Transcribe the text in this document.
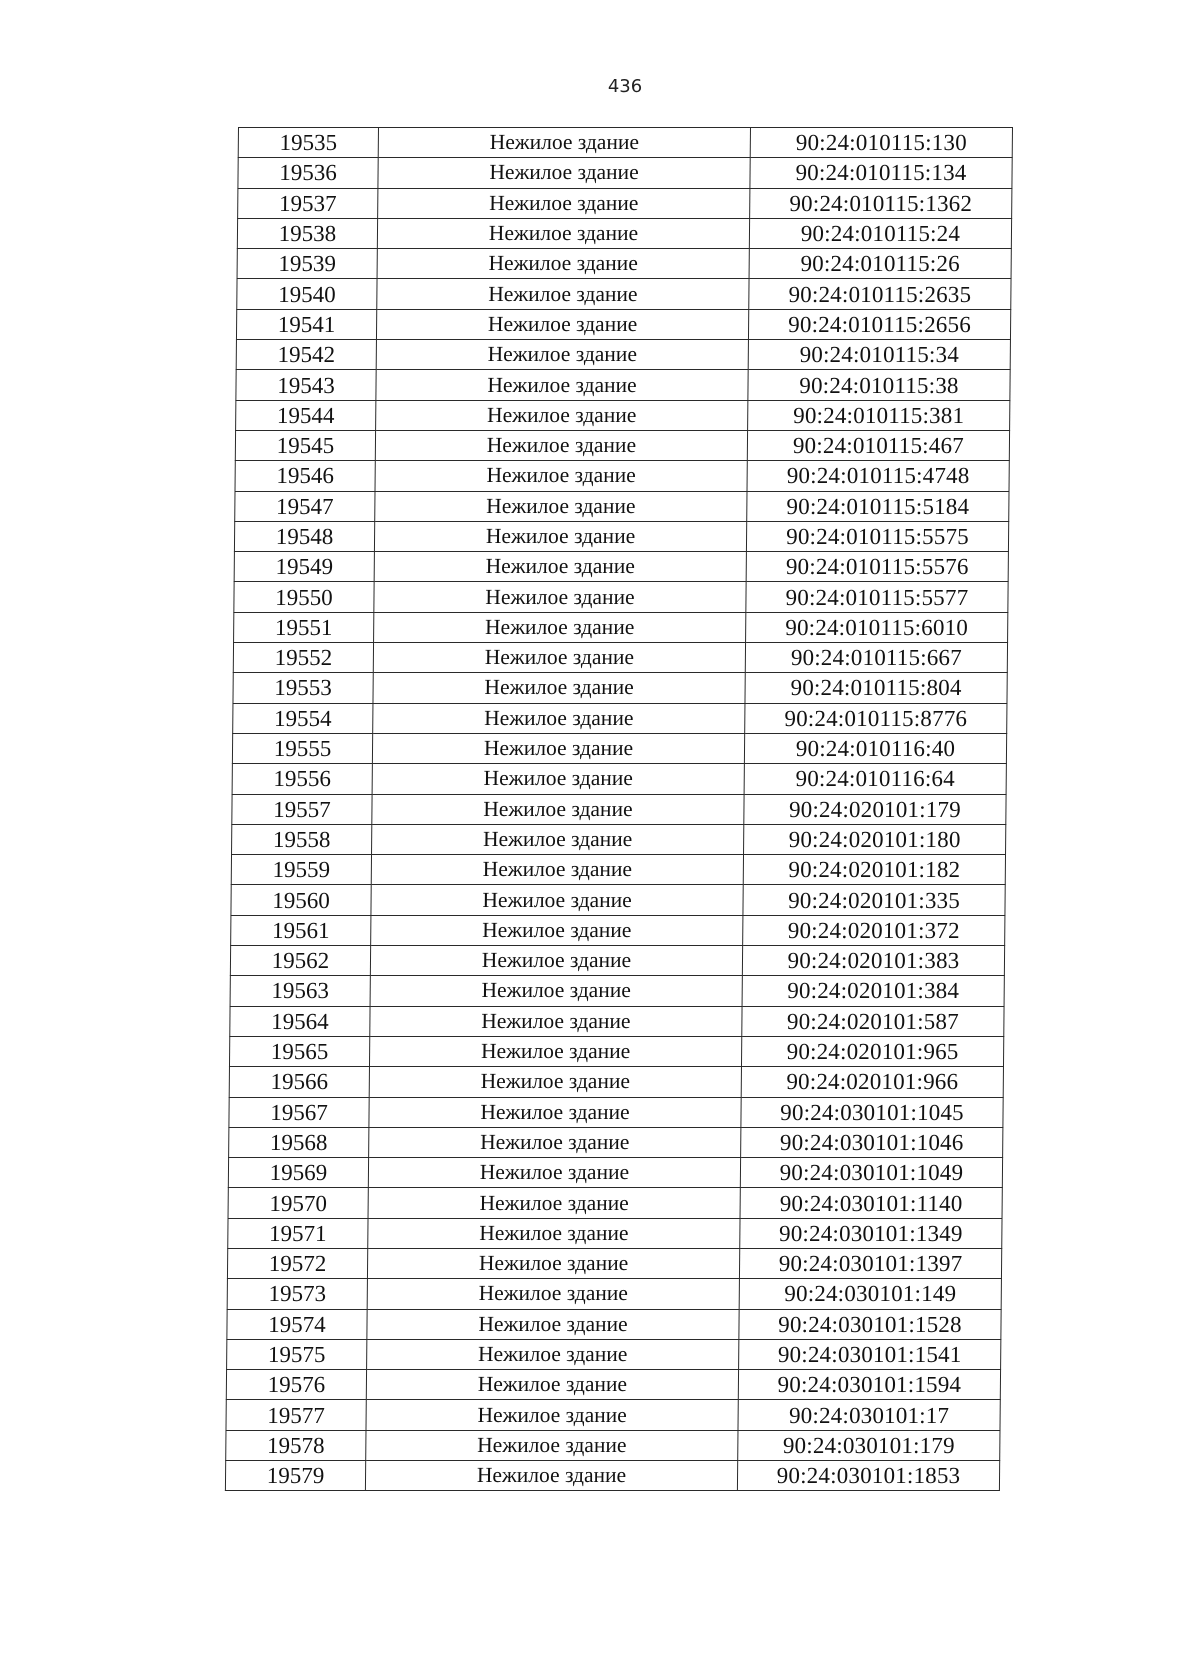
436
19535	Нежилое здание	90:24:010115:130
19536	Нежилое здание	90:24:010115:134
19537	Нежилое здание	90:24:010115:1362
19538	Нежилое здание	90:24:010115:24
19539	Нежилое здание	90:24:010115:26
19540	Нежилое здание	90:24:010115:2635
19541	Нежилое здание	90:24:010115:2656
19542	Нежилое здание	90:24:010115:34
19543	Нежилое здание	90:24:010115:38
19544	Нежилое здание	90:24:010115:381
19545	Нежилое здание	90:24:010115:467
19546	Нежилое здание	90:24:010115:4748
19547	Нежилое здание	90:24:010115:5184
19548	Нежилое здание	90:24:010115:5575
19549	Нежилое здание	90:24:010115:5576
19550	Нежилое здание	90:24:010115:5577
19551	Нежилое здание	90:24:010115:6010
19552	Нежилое здание	90:24:010115:667
19553	Нежилое здание	90:24:010115:804
19554	Нежилое здание	90:24:010115:8776
19555	Нежилое здание	90:24:010116:40
19556	Нежилое здание	90:24:010116:64
19557	Нежилое здание	90:24:020101:179
19558	Нежилое здание	90:24:020101:180
19559	Нежилое здание	90:24:020101:182
19560	Нежилое здание	90:24:020101:335
19561	Нежилое здание	90:24:020101:372
19562	Нежилое здание	90:24:020101:383
19563	Нежилое здание	90:24:020101:384
19564	Нежилое здание	90:24:020101:587
19565	Нежилое здание	90:24:020101:965
19566	Нежилое здание	90:24:020101:966
19567	Нежилое здание	90:24:030101:1045
19568	Нежилое здание	90:24:030101:1046
19569	Нежилое здание	90:24:030101:1049
19570	Нежилое здание	90:24:030101:1140
19571	Нежилое здание	90:24:030101:1349
19572	Нежилое здание	90:24:030101:1397
19573	Нежилое здание	90:24:030101:149
19574	Нежилое здание	90:24:030101:1528
19575	Нежилое здание	90:24:030101:1541
19576	Нежилое здание	90:24:030101:1594
19577	Нежилое здание	90:24:030101:17
19578	Нежилое здание	90:24:030101:179
19579	Нежилое здание	90:24:030101:1853
